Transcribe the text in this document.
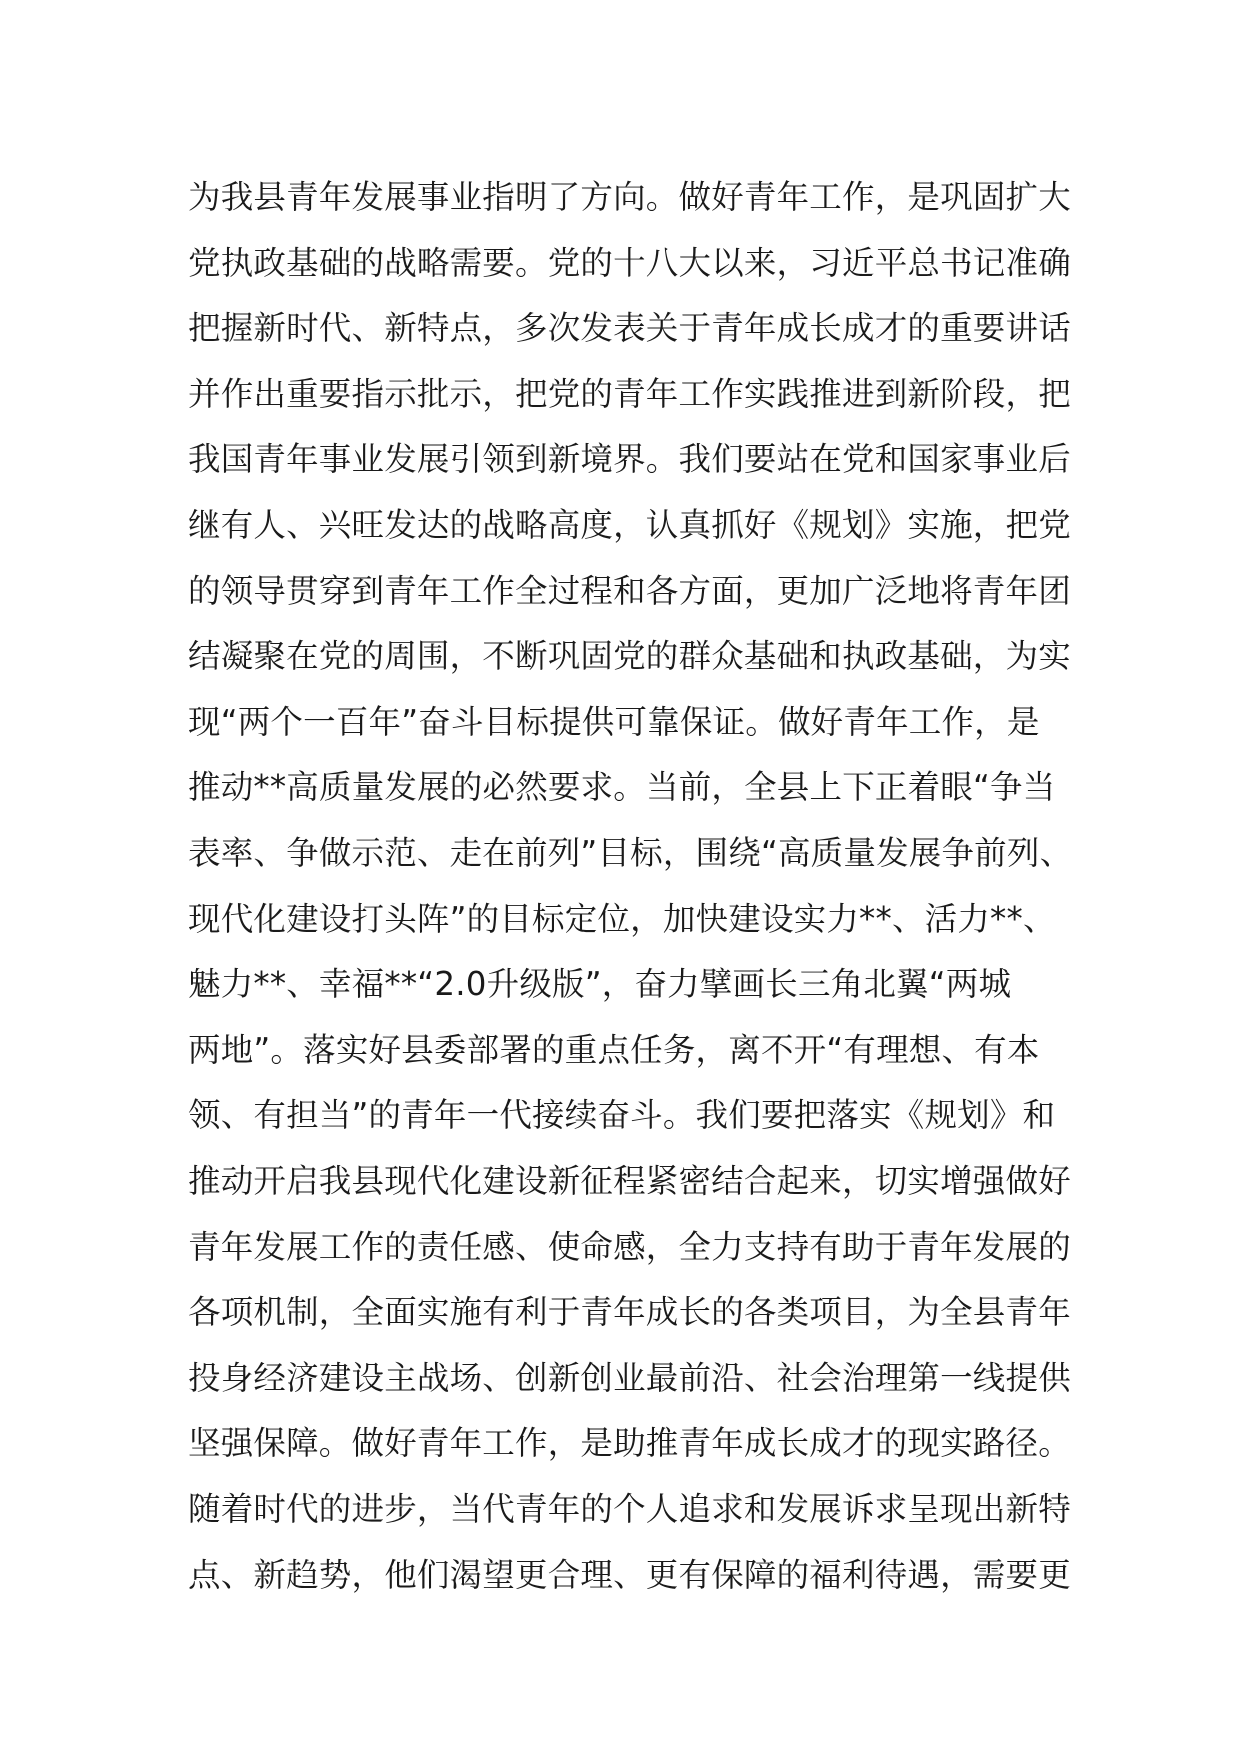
为我县青年发展事业指明了方向。做好青年工作，是巩固扩大
党执政基础的战略需要。党的十八大以来，习近平总书记准确
把握新时代、新特点，多次发表关于青年成长成才的重要讲话
并作出重要指示批示，把党的青年工作实践推进到新阶段，把
我国青年事业发展引领到新境界。我们要站在党和国家事业后
继有人、兴旺发达的战略高度，认真抓好《规划》实施，把党
的领导贯穿到青年工作全过程和各方面，更加广泛地将青年团
结凝聚在党的周围，不断巩固党的群众基础和执政基础，为实
现“两个一百年”奋斗目标提供可靠保证。做好青年工作，是
推动**高质量发展的必然要求。当前，全县上下正着眼“争当
表率、争做示范、走在前列”目标，围绕“高质量发展争前列、
现代化建设打头阵”的目标定位，加快建设实力**、活力**、
魅力**、幸福**“2.0升级版”，奋力擘画长三角北翼“两城
两地”。落实好县委部署的重点任务，离不开“有理想、有本
领、有担当”的青年一代接续奋斗。我们要把落实《规划》和
推动开启我县现代化建设新征程紧密结合起来，切实增强做好
青年发展工作的责任感、使命感，全力支持有助于青年发展的
各项机制，全面实施有利于青年成长的各类项目，为全县青年
投身经济建设主战场、创新创业最前沿、社会治理第一线提供
坚强保障。做好青年工作，是助推青年成长成才的现实路径。
随着时代的进步，当代青年的个人追求和发展诉求呈现出新特
点、新趋势，他们渴望更合理、更有保障的福利待遇，需要更
